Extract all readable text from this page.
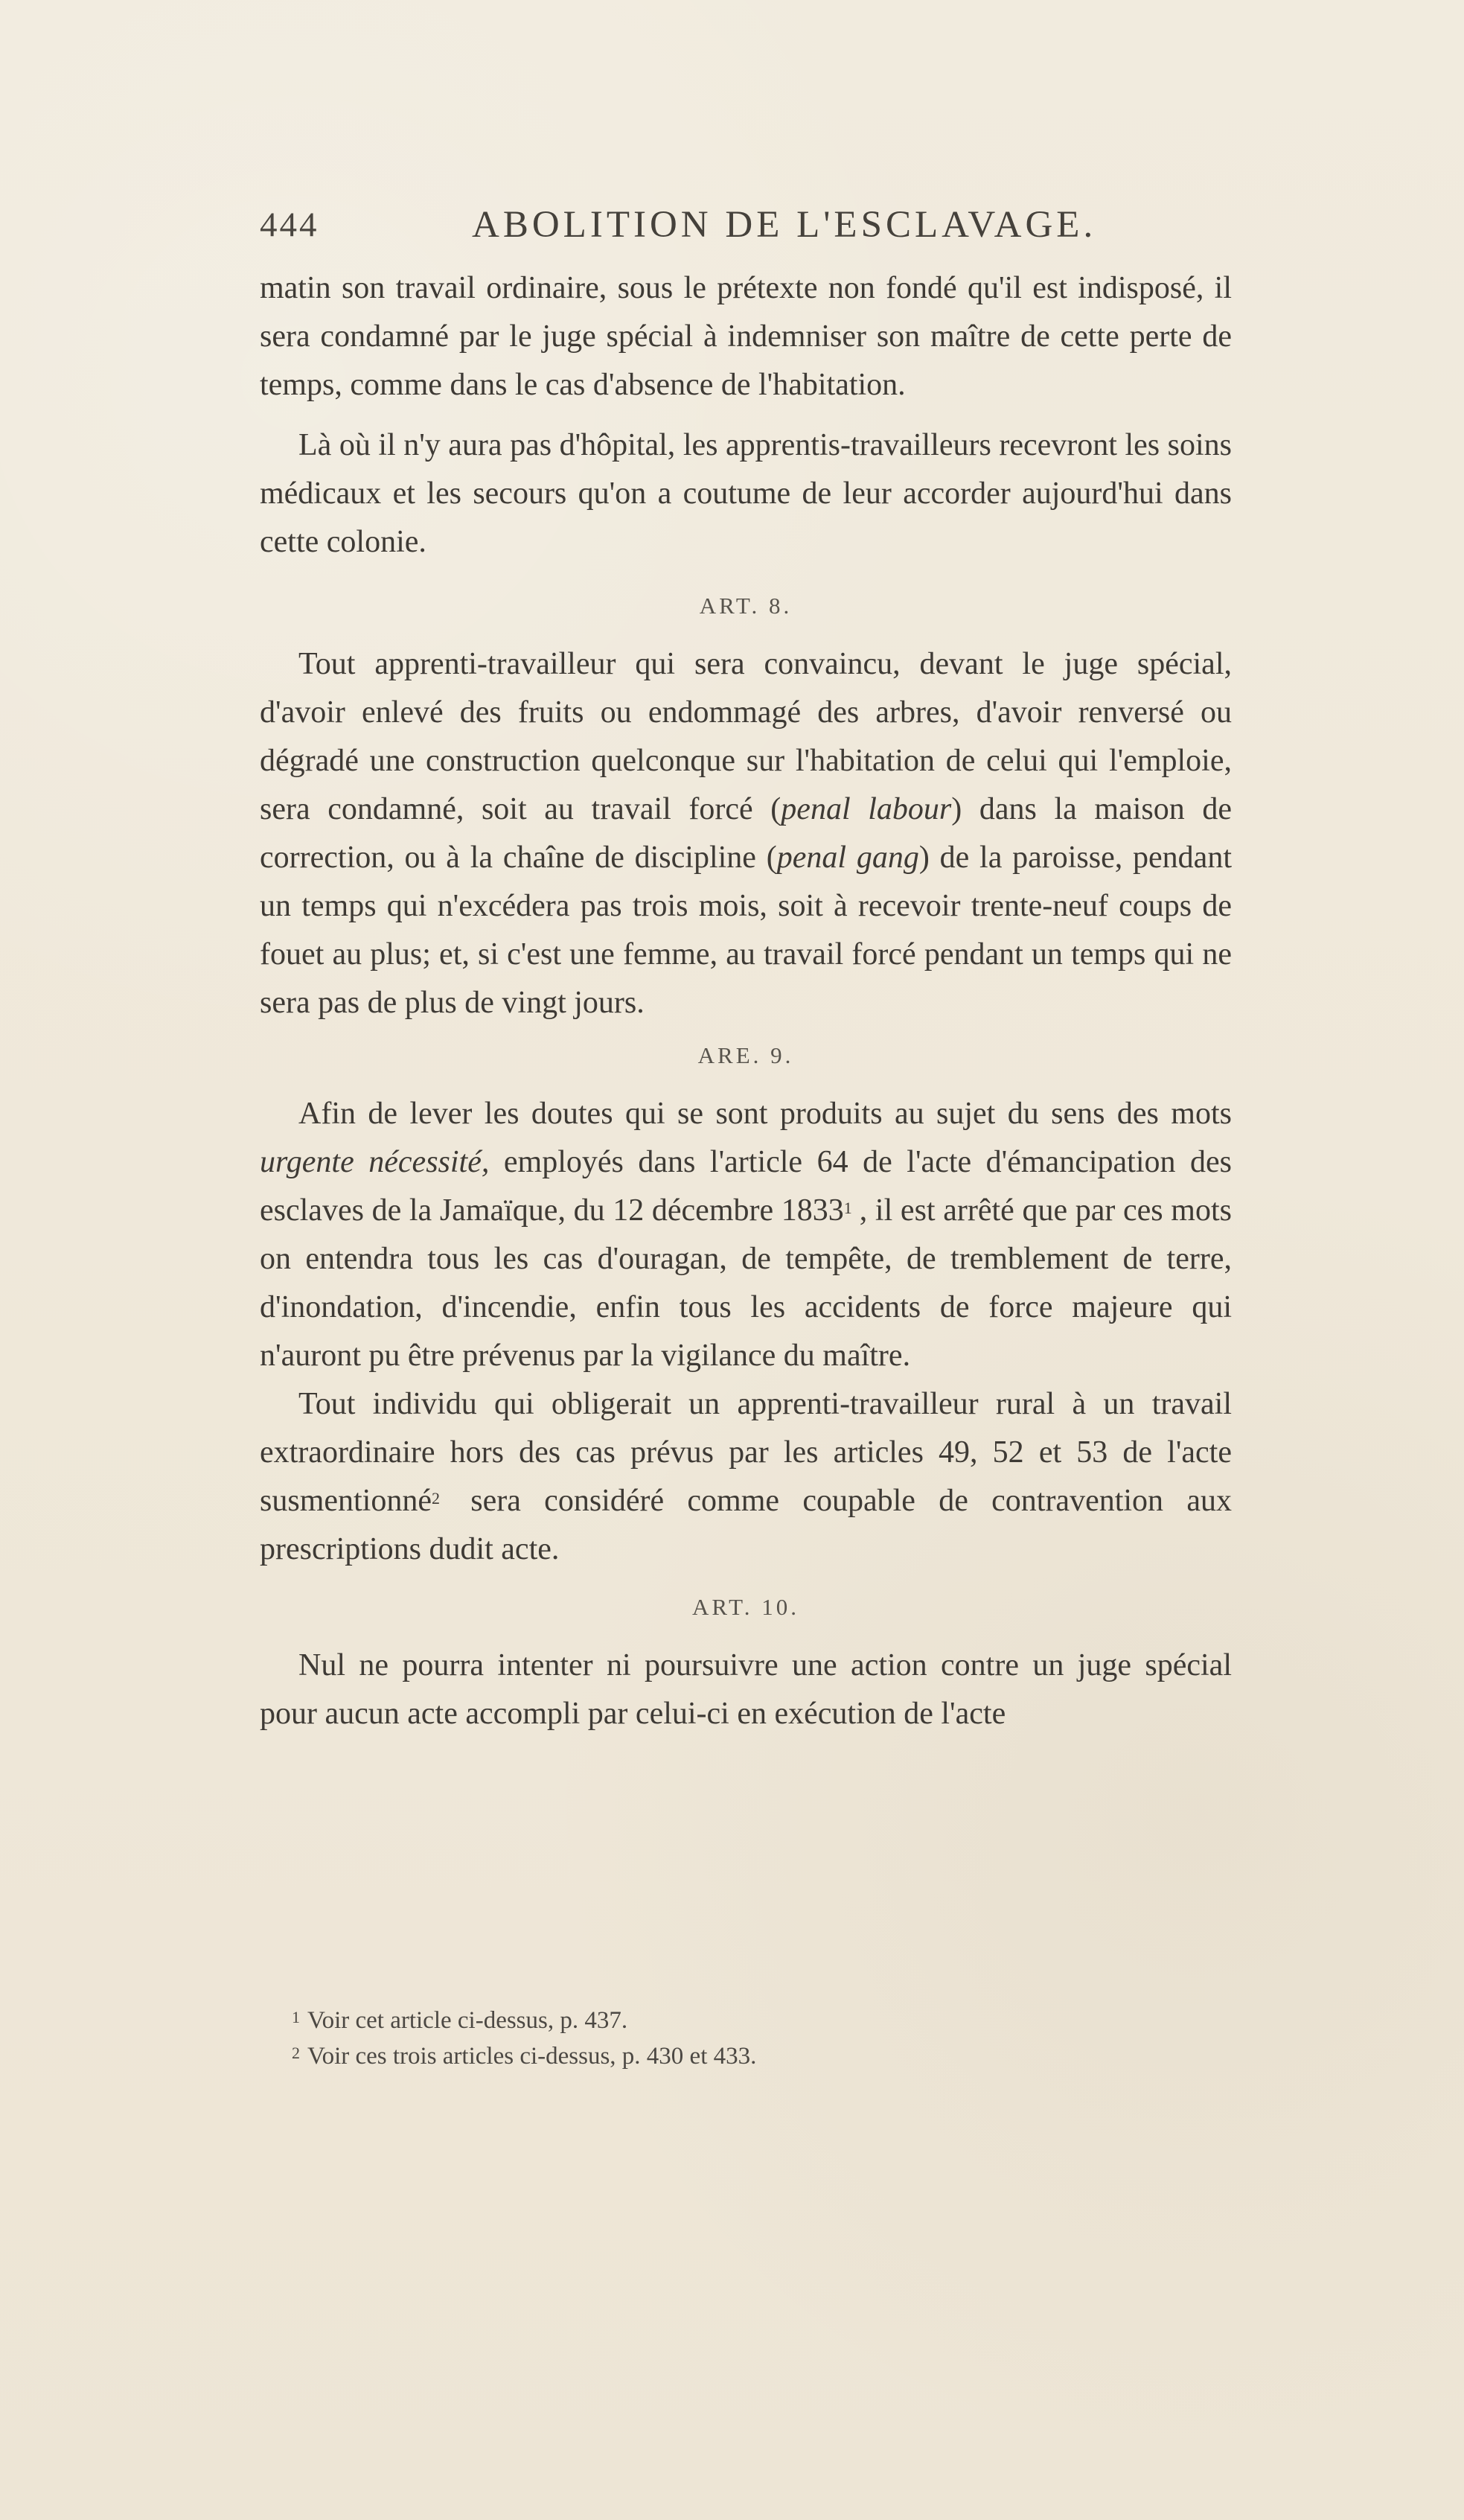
444	ABOLITION DE L'ESCLAVAGE.

matin son travail ordinaire, sous le prétexte non fondé qu'il est indisposé, il sera condamné par le juge spécial à indemniser son maître de cette perte de temps, comme dans le cas d'absence de l'habitation.

Là où il n'y aura pas d'hôpital, les apprentis-travailleurs recevront les soins médicaux et les secours qu'on a coutume de leur accorder aujourd'hui dans cette colonie.

ART. 8.

Tout apprenti-travailleur qui sera convaincu, devant le juge spécial, d'avoir enlevé des fruits ou endommagé des arbres, d'avoir renversé ou dégradé une construction quelconque sur l'habitation de celui qui l'emploie, sera condamné, soit au travail forcé (penal labour) dans la maison de correction, ou à la chaîne de discipline (penal gang) de la paroisse, pendant un temps qui n'excédera pas trois mois, soit à recevoir trente-neuf coups de fouet au plus; et, si c'est une femme, au travail forcé pendant un temps qui ne sera pas de plus de vingt jours.

ARE. 9.

Afin de lever les doutes qui se sont produits au sujet du sens des mots urgente nécessité, employés dans l'article 64 de l'acte d'émancipation des esclaves de la Jamaïque, du 12 décembre 1833$^1$ , il est arrêté que par ces mots on entendra tous les cas d'ouragan, de tempête, de tremblement de terre, d'inondation, d'incendie, enfin tous les accidents de force majeure qui n'auront pu être prévenus par la vigilance du maître.

Tout individu qui obligerait un apprenti-travailleur rural à un travail extraordinaire hors des cas prévus par les articles 49, 52 et 53 de l'acte susmentionné$^2$ sera considéré comme coupable de contravention aux prescriptions dudit acte.

ART. 10.

Nul ne pourra intenter ni poursuivre une action contre un juge spécial pour aucun acte accompli par celui-ci en exécution de l'acte

$^1$ Voir cet article ci-dessus, p. 437.

$^2$ Voir ces trois articles ci-dessus, p. 430 et 433.
